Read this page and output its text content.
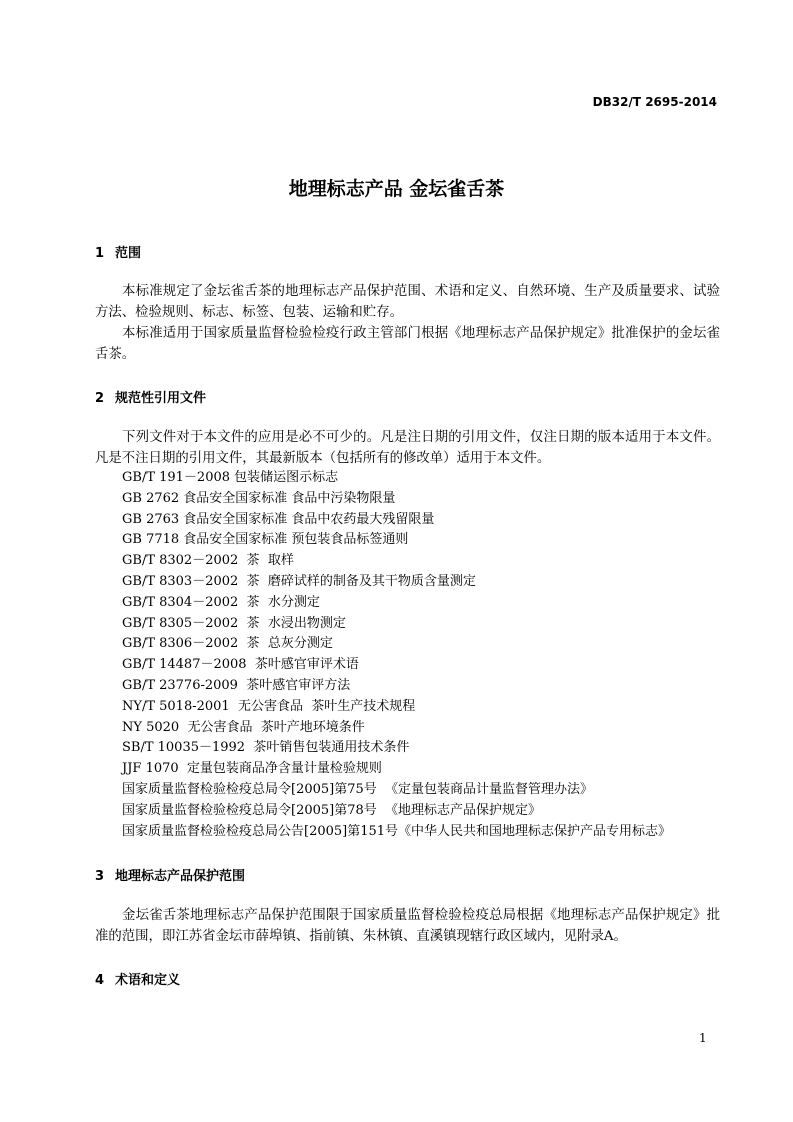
DB32/T 2695-2014
地理标志产品 金坛雀舌茶
1 范围

本标准规定了金坛雀舌茶的地理标志产品保护范围、术语和定义、自然环境、生产及质量要求、试验方法、检验规则、标志、标签、包装、运输和贮存。

本标准适用于国家质量监督检验检疫行政主管部门根据《地理标志产品保护规定》批准保护的金坛雀舌茶。

2 规范性引用文件

下列文件对于本文件的应用是必不可少的。凡是注日期的引用文件，仅注日期的版本适用于本文件。凡是不注日期的引用文件，其最新版本（包括所有的修改单）适用于本文件。

GB/T 191－2008 包装储运图示标志
GB 2762 食品安全国家标准 食品中污染物限量
GB 2763 食品安全国家标准 食品中农药最大残留限量
GB 7718 食品安全国家标准 预包装食品标签通则
GB/T 8302－2002  茶  取样
GB/T 8303－2002  茶  磨碎试样的制备及其干物质含量测定
GB/T 8304－2002  茶  水分测定
GB/T 8305－2002  茶  水浸出物测定
GB/T 8306－2002  茶  总灰分测定
GB/T 14487－2008  茶叶感官审评术语
GB/T 23776-2009  茶叶感官审评方法
NY/T 5018-2001  无公害食品  茶叶生产技术规程
NY 5020  无公害食品  茶叶产地环境条件
SB/T 10035－1992  茶叶销售包装通用技术条件
JJF 1070  定量包装商品净含量计量检验规则
国家质量监督检验检疫总局令[2005]第75号  《定量包装商品计量监督管理办法》
国家质量监督检验检疫总局令[2005]第78号  《地理标志产品保护规定》
国家质量监督检验检疫总局公告[2005]第151号《中华人民共和国地理标志保护产品专用标志》
3 地理标志产品保护范围

金坛雀舌茶地理标志产品保护范围限于国家质量监督检验检疫总局根据《地理标志产品保护规定》批准的范围，即江苏省金坛市薛埠镇、指前镇、朱林镇、直溪镇现辖行政区域内，见附录A。

4 术语和定义
1
